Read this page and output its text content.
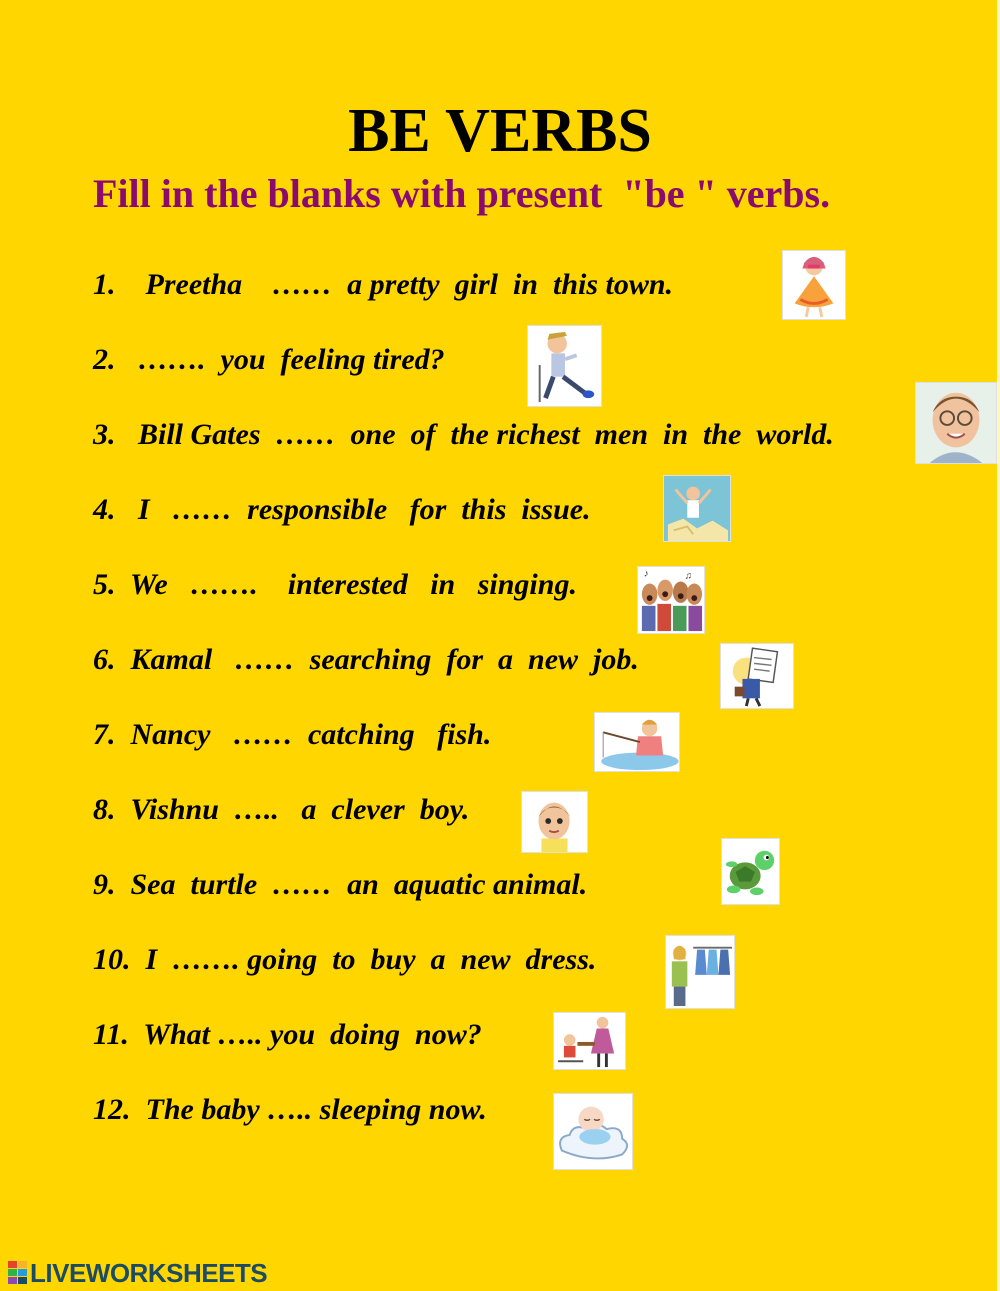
BE VERBS
Fill in the blanks with present  "be " verbs.
1.    Preetha    ……  a pretty  girl  in  this town.
2.   …….  you  feeling tired?
3.   Bill Gates  ……  one  of  the richest  men  in  the  world.
4.   I   ……  responsible   for  this  issue.
5.  We   …….    interested   in   singing.
6.  Kamal   ……  searching  for  a  new  job.
7.  Nancy   ……  catching   fish.
8.  Vishnu  …..   a  clever  boy.
9.  Sea  turtle  ……  an  aquatic animal.
10.  I  ……. going  to  buy  a  new  dress.
11.  What ….. you  doing  now?
12.  The baby ….. sleeping now.
♪	♫
LIVEWORKSHEETS
